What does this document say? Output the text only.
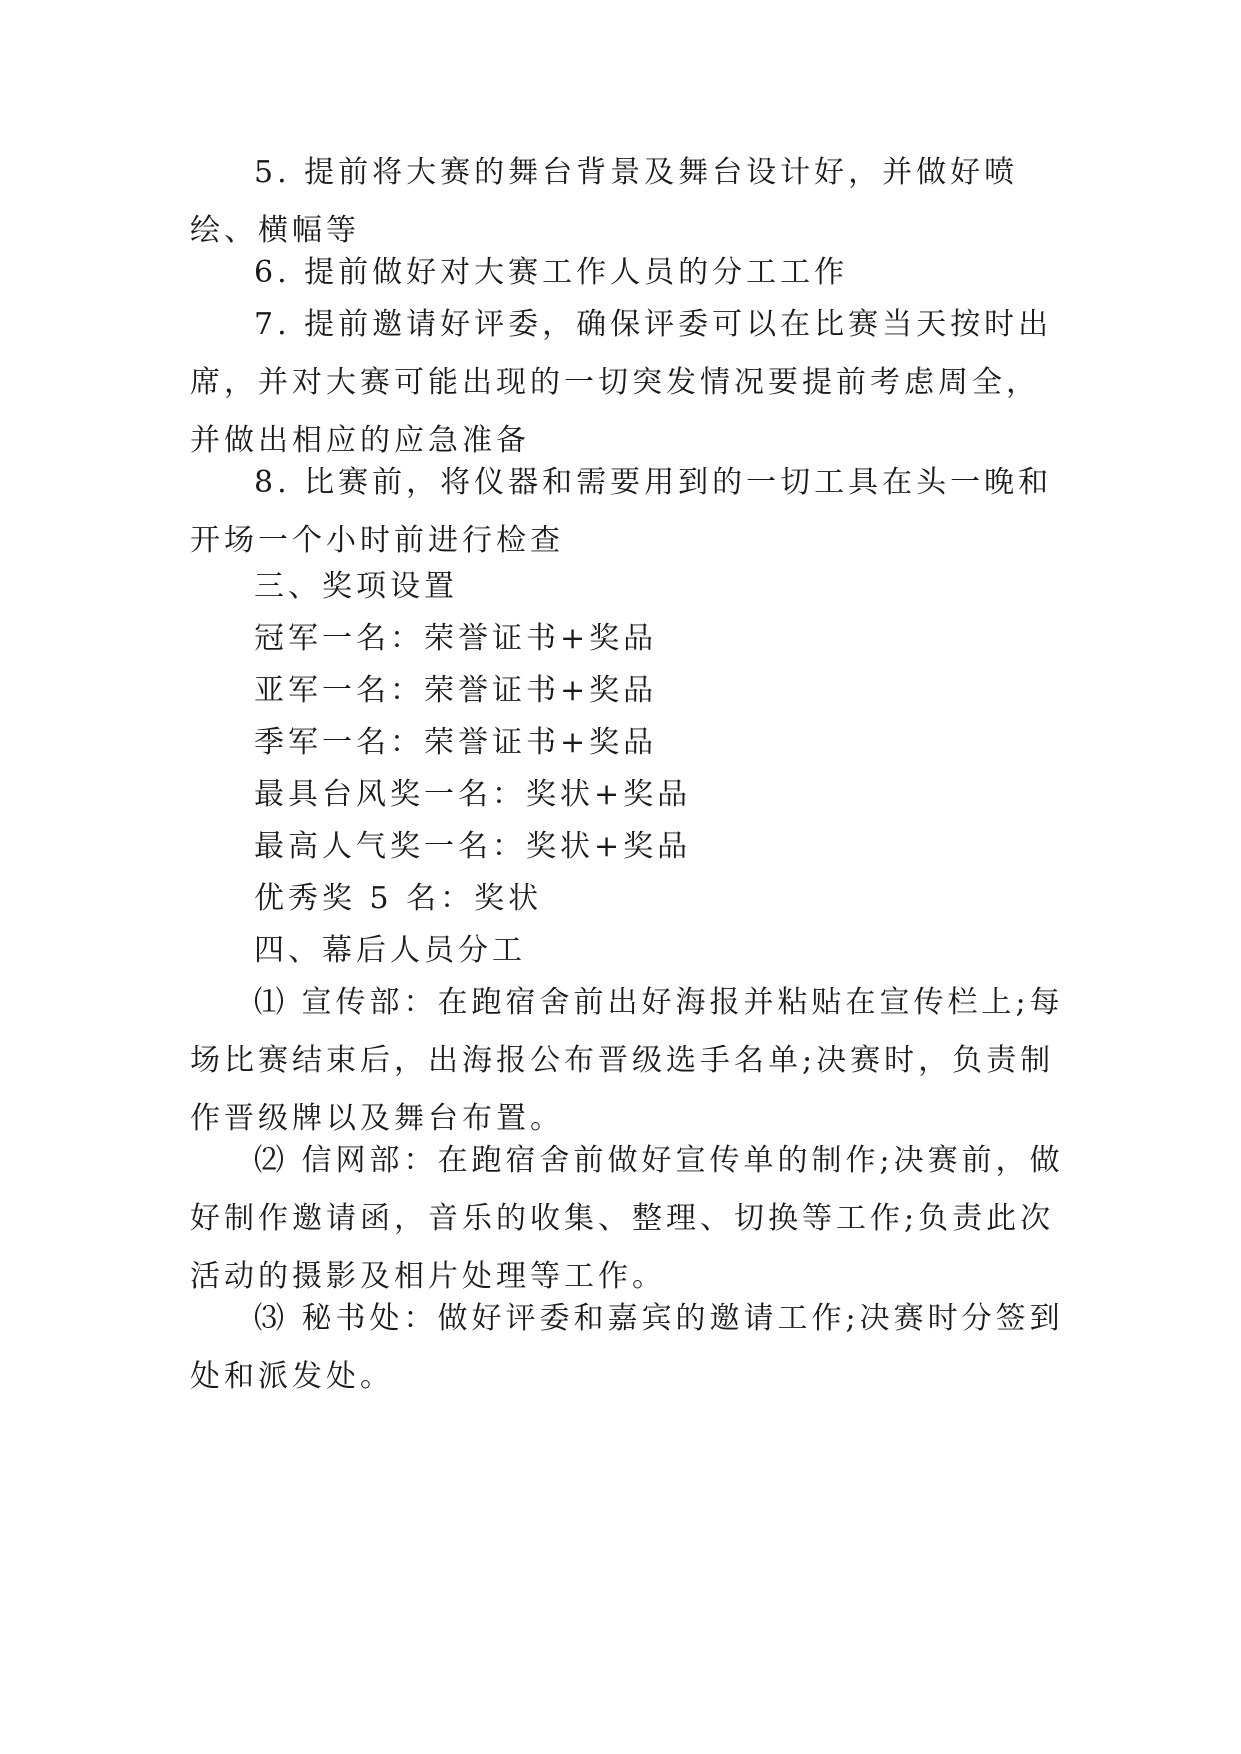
5. 提前将大赛的舞台背景及舞台设计好，并做好喷绘、横幅等

6. 提前做好对大赛工作人员的分工工作

7. 提前邀请好评委，确保评委可以在比赛当天按时出席，并对大赛可能出现的一切突发情况要提前考虑周全，并做出相应的应急准备

8. 比赛前，将仪器和需要用到的一切工具在头一晚和开场一个小时前进行检查

三、奖项设置

冠军一名：荣誉证书+奖品

亚军一名：荣誉证书+奖品

季军一名：荣誉证书+奖品

最具台风奖一名：奖状+奖品

最高人气奖一名：奖状+奖品

优秀奖 5 名：奖状

四、幕后人员分工

⑴ 宣传部：在跑宿舍前出好海报并粘贴在宣传栏上;每场比赛结束后，出海报公布晋级选手名单;决赛时，负责制作晋级牌以及舞台布置。

⑵ 信网部：在跑宿舍前做好宣传单的制作;决赛前，做好制作邀请函，音乐的收集、整理、切换等工作;负责此次活动的摄影及相片处理等工作。

⑶ 秘书处：做好评委和嘉宾的邀请工作;决赛时分签到处和派发处。
